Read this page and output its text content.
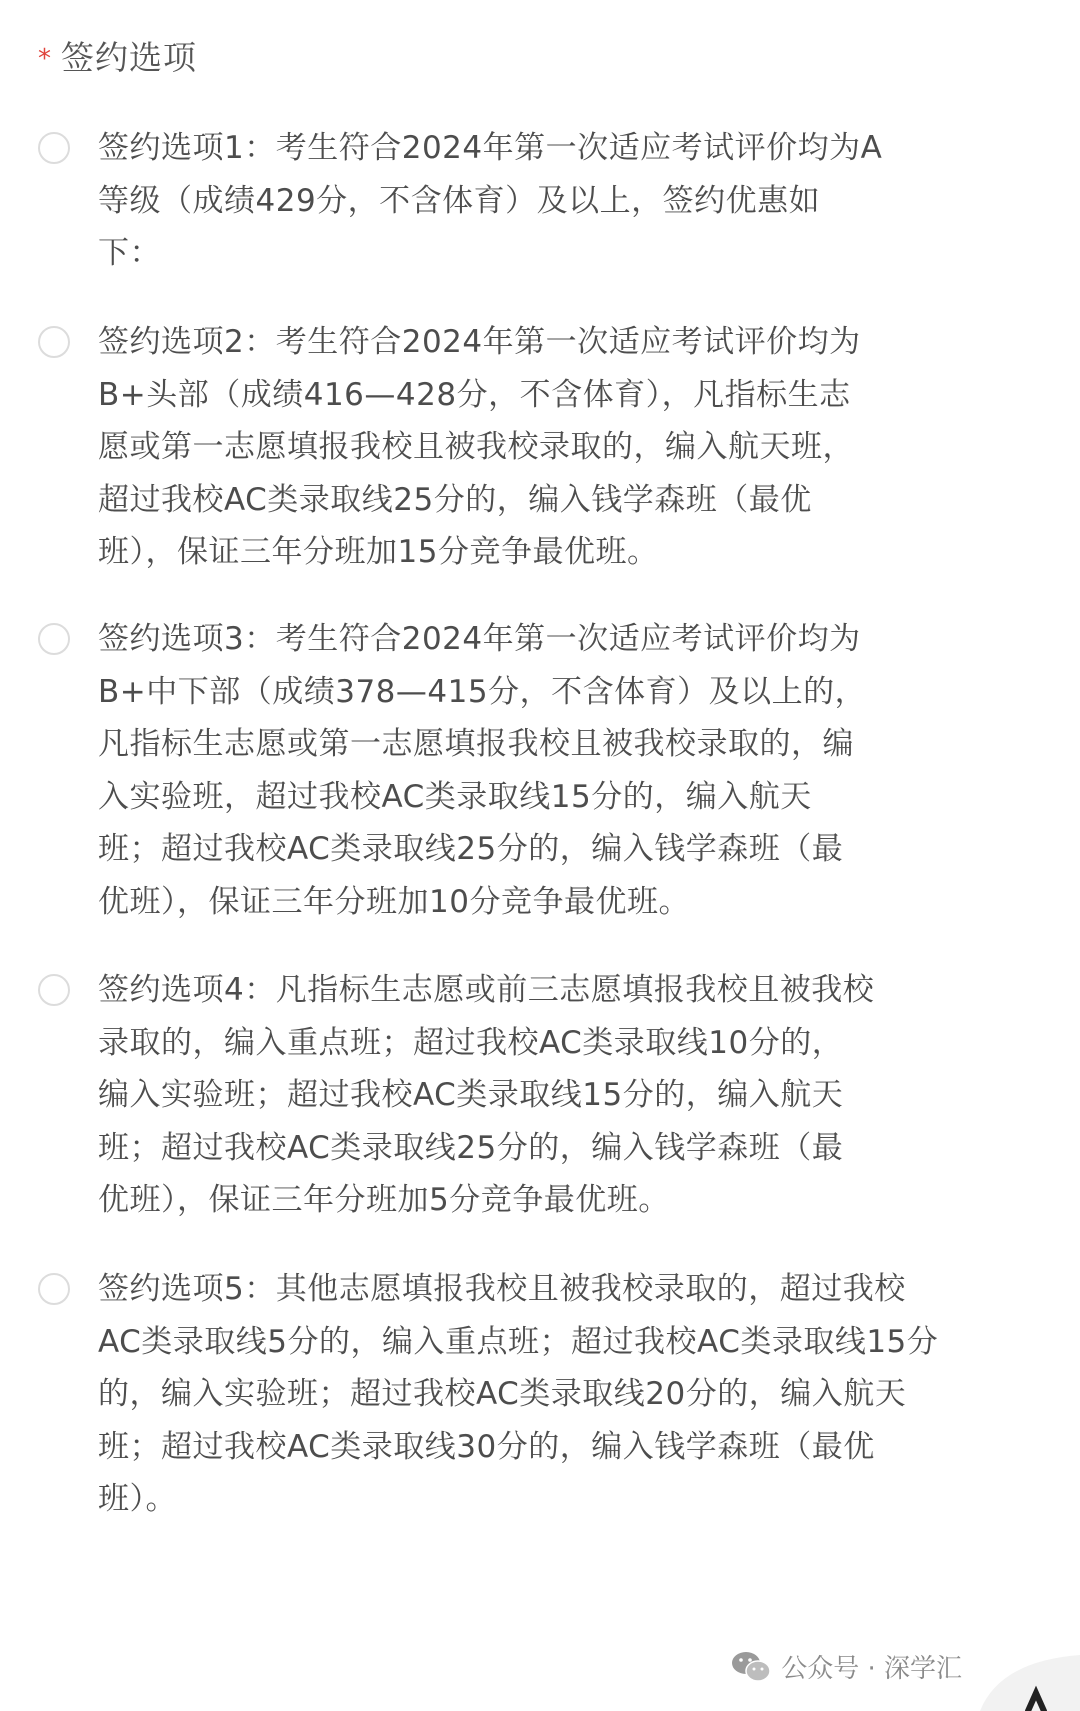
* 签约选项
签约选项1：考生符合2024年第一次适应考试评价均为A
等级（成绩429分，不含体育）及以上，签约优惠如
下：
签约选项2：考生符合2024年第一次适应考试评价均为
B+头部（成绩416—428分，不含体育），凡指标生志
愿或第一志愿填报我校且被我校录取的，编入航天班，
超过我校AC类录取线25分的，编入钱学森班（最优
班），保证三年分班加15分竞争最优班。
签约选项3：考生符合2024年第一次适应考试评价均为
B+中下部（成绩378—415分，不含体育）及以上的，
凡指标生志愿或第一志愿填报我校且被我校录取的，编
入实验班，超过我校AC类录取线15分的，编入航天
班；超过我校AC类录取线25分的，编入钱学森班（最
优班），保证三年分班加10分竞争最优班。
签约选项4：凡指标生志愿或前三志愿填报我校且被我校
录取的，编入重点班；超过我校AC类录取线10分的，
编入实验班；超过我校AC类录取线15分的，编入航天
班；超过我校AC类录取线25分的，编入钱学森班（最
优班），保证三年分班加5分竞争最优班。
签约选项5：其他志愿填报我校且被我校录取的，超过我校
AC类录取线5分的，编入重点班；超过我校AC类录取线15分
的，编入实验班；超过我校AC类录取线20分的，编入航天
班；超过我校AC类录取线30分的，编入钱学森班（最优
班）。
公众号 · 深学汇
